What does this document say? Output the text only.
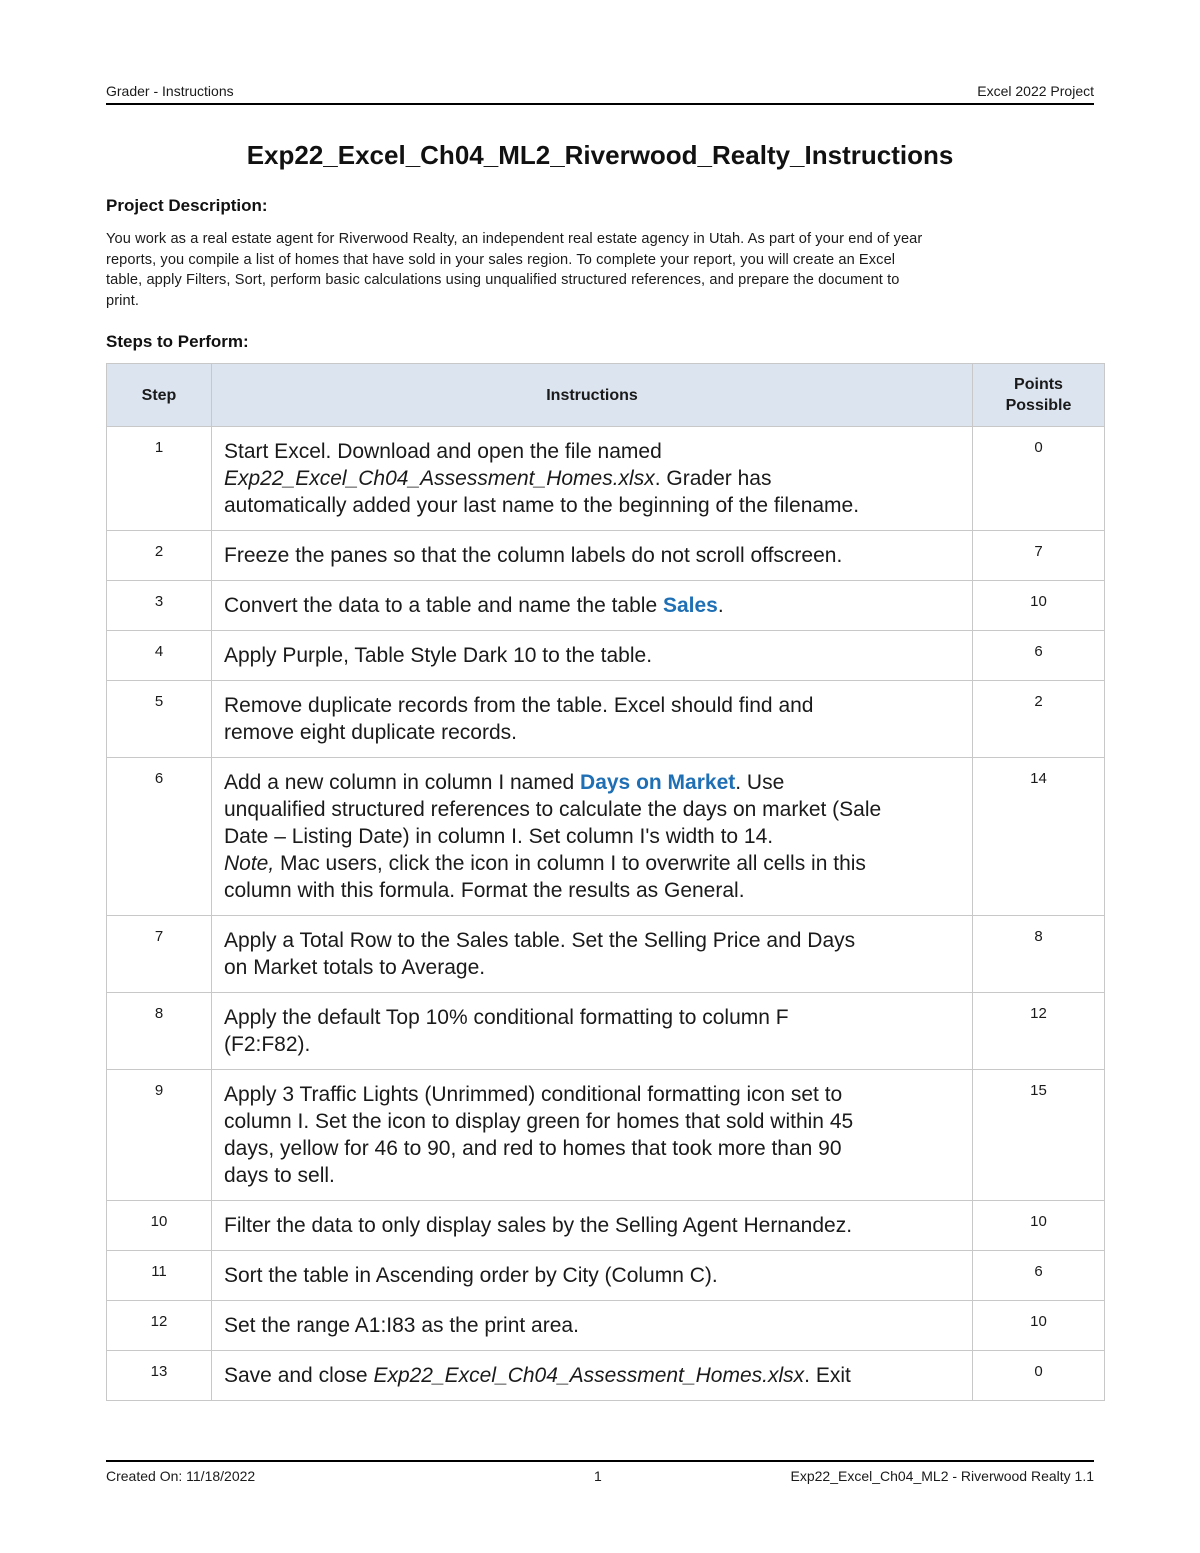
Grader - Instructions	Excel 2022 Project
Exp22_Excel_Ch04_ML2_Riverwood_Realty_Instructions
Project Description:
You work as a real estate agent for Riverwood Realty, an independent real estate agency in Utah. As part of your end of year
reports, you compile a list of homes that have sold in your sales region. To complete your report, you will create an Excel
table, apply Filters, Sort, perform basic calculations using unqualified structured references, and prepare the document to
print.
Steps to Perform:
Step	Instructions	Points
Possible
1	Start Excel. Download and open the file named
Exp22_Excel_Ch04_Assessment_Homes.xlsx. Grader has
automatically added your last name to the beginning of the filename.	0
2	Freeze the panes so that the column labels do not scroll offscreen.	7
3	Convert the data to a table and name the table Sales.	10
4	Apply Purple, Table Style Dark 10 to the table.	6
5	Remove duplicate records from the table. Excel should find and
remove eight duplicate records.	2
6	Add a new column in column I named Days on Market. Use
unqualified structured references to calculate the days on market (Sale
Date – Listing Date) in column I. Set column I's width to 14.
Note, Mac users, click the icon in column I to overwrite all cells in this
column with this formula. Format the results as General.	14
7	Apply a Total Row to the Sales table. Set the Selling Price and Days
on Market totals to Average.	8
8	Apply the default Top 10% conditional formatting to column F
(F2:F82).	12
9	Apply 3 Traffic Lights (Unrimmed) conditional formatting icon set to
column I. Set the icon to display green for homes that sold within 45
days, yellow for 46 to 90, and red to homes that took more than 90
days to sell.	15
10	Filter the data to only display sales by the Selling Agent Hernandez.	10
11	Sort the table in Ascending order by City (Column C).	6
12	Set the range A1:I83 as the print area.	10
13	Save and close Exp22_Excel_Ch04_Assessment_Homes.xlsx. Exit	0
Created On: 11/18/2022	1	Exp22_Excel_Ch04_ML2 - Riverwood Realty 1.1
